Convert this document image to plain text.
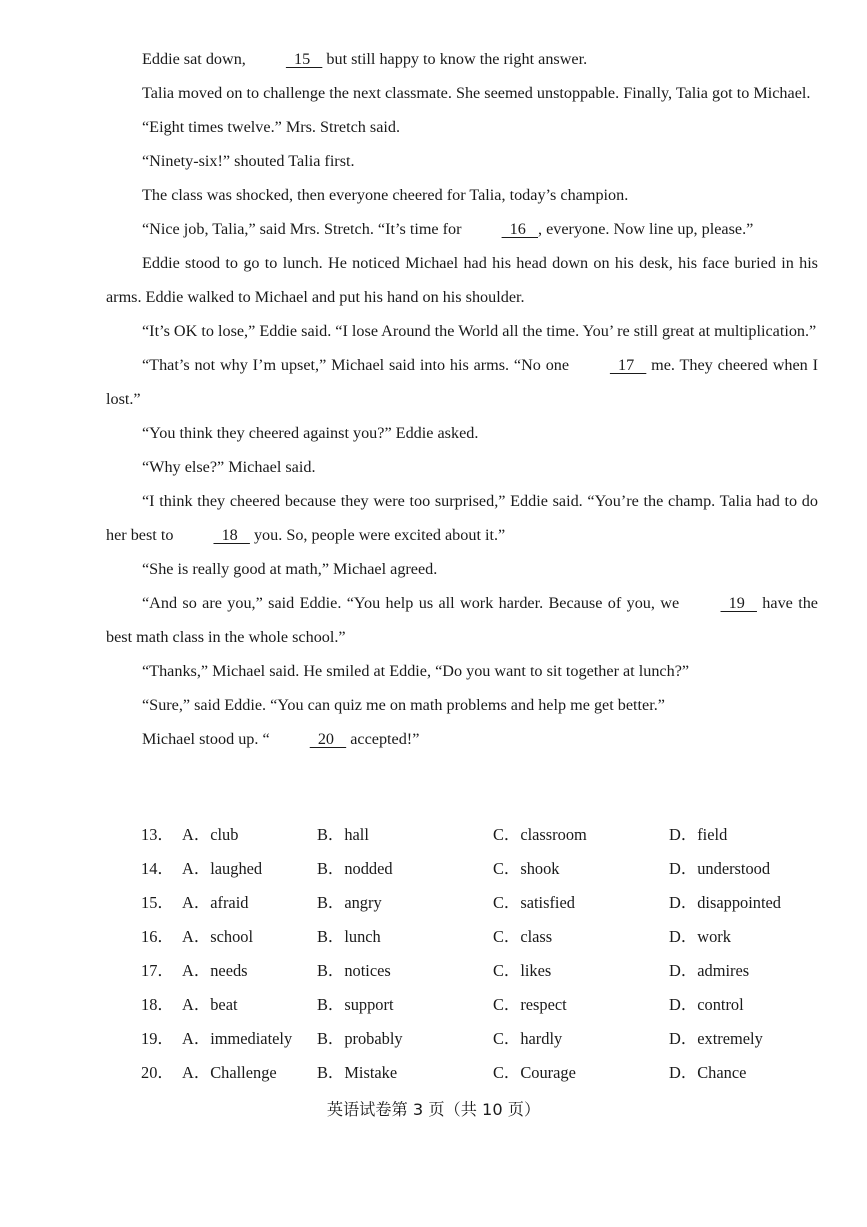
Eddie sat down,   15    but still happy to know the right answer.

Talia moved on to challenge the next classmate. She seemed unstoppable. Finally, Talia got to Michael.

“Eight times twelve.” Mrs. Stretch said.

“Ninety-six!” shouted Talia first.

The class was shocked, then everyone cheered for Talia, today’s champion.

“Nice job, Talia,” said Mrs. Stretch. “It’s time for   16   , everyone. Now line up, please.”

Eddie stood to go to lunch. He noticed Michael had his head down on his desk, his face buried in his arms. Eddie walked to Michael and put his hand on his shoulder.

“It’s OK to lose,” Eddie said. “I lose Around the World all the time. You’ re still great at multiplication.”

“That’s not why I’m upset,” Michael said into his arms. “No one   17    me. They cheered when I lost.”

“You think they cheered against you?” Eddie asked.

“Why else?” Michael said.

“I think they cheered because they were too surprised,” Eddie said. “You’re the champ. Talia had to do her best to   18    you. So, people were excited about it.”

“She is really good at math,” Michael agreed.

“And so are you,” said Eddie. “You help us all work harder. Because of you, we   19    have the best math class in the whole school.”

“Thanks,” Michael said. He smiled at Eddie, “Do you want to sit together at lunch?”

“Sure,” said Eddie. “You can quiz me on math problems and help me get better.”

Michael stood up. “   20    accepted!”

13． A．club	B．hall	C．classroom	D．field
14． A．laughed	B．nodded	C．shook	D．understood
15． A．afraid	B．angry	C．satisfied	D．disappointed
16． A．school	B．lunch	C．class	D．work
17． A．needs	B．notices	C．likes	D．admires
18． A．beat	B．support	C．respect	D．control
19． A．immediately	B．probably	C．hardly	D．extremely
20． A．Challenge	B．Mistake	C．Courage	D．Chance
英语试卷第 3 页（共 10 页）
